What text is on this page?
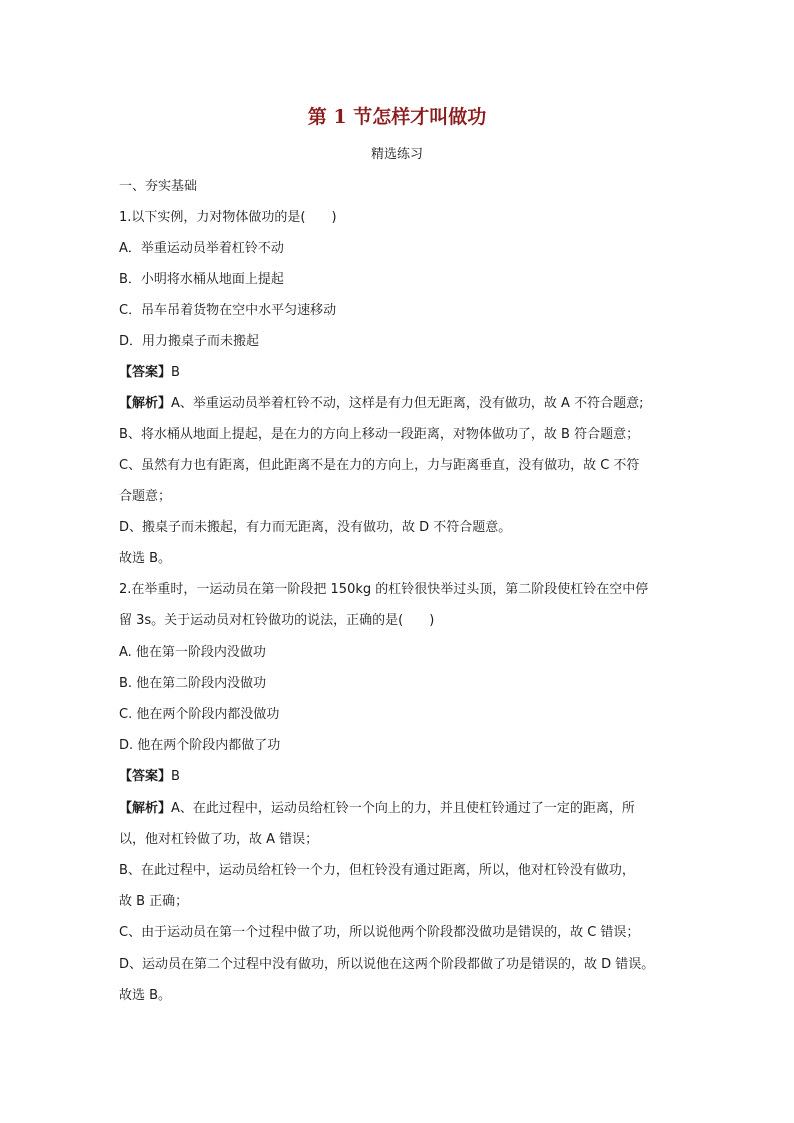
第 1 节怎样才叫做功
精选练习
一、夯实基础
1.以下实例，力对物体做功的是(　　)
A．举重运动员举着杠铃不动
B．小明将水桶从地面上提起
C．吊车吊着货物在空中水平匀速移动
D．用力搬桌子而未搬起
【答案】B
【解析】A、举重运动员举着杠铃不动，这样是有力但无距离，没有做功，故 A 不符合题意;
B、将水桶从地面上提起，是在力的方向上移动一段距离，对物体做功了，故 B 符合题意；
C、虽然有力也有距离，但此距离不是在力的方向上，力与距离垂直，没有做功，故 C 不符
合题意；
D、搬桌子而未搬起，有力而无距离，没有做功，故 D 不符合题意。
故选 B。
2.在举重时，一运动员在第一阶段把 150kg 的杠铃很快举过头顶，第二阶段使杠铃在空中停
留 3s。关于运动员对杠铃做功的说法，正确的是(　　)
A. 他在第一阶段内没做功
B. 他在第二阶段内没做功
C. 他在两个阶段内都没做功
D. 他在两个阶段内都做了功
【答案】B
【解析】A、在此过程中，运动员给杠铃一个向上的力，并且使杠铃通过了一定的距离，所
以，他对杠铃做了功，故 A 错误；
B、在此过程中，运动员给杠铃一个力，但杠铃没有通过距离，所以，他对杠铃没有做功，
故 B 正确；
C、由于运动员在第一个过程中做了功，所以说他两个阶段都没做功是错误的，故 C 错误；
D、运动员在第二个过程中没有做功，所以说他在这两个阶段都做了功是错误的，故 D 错误。
故选 B。
